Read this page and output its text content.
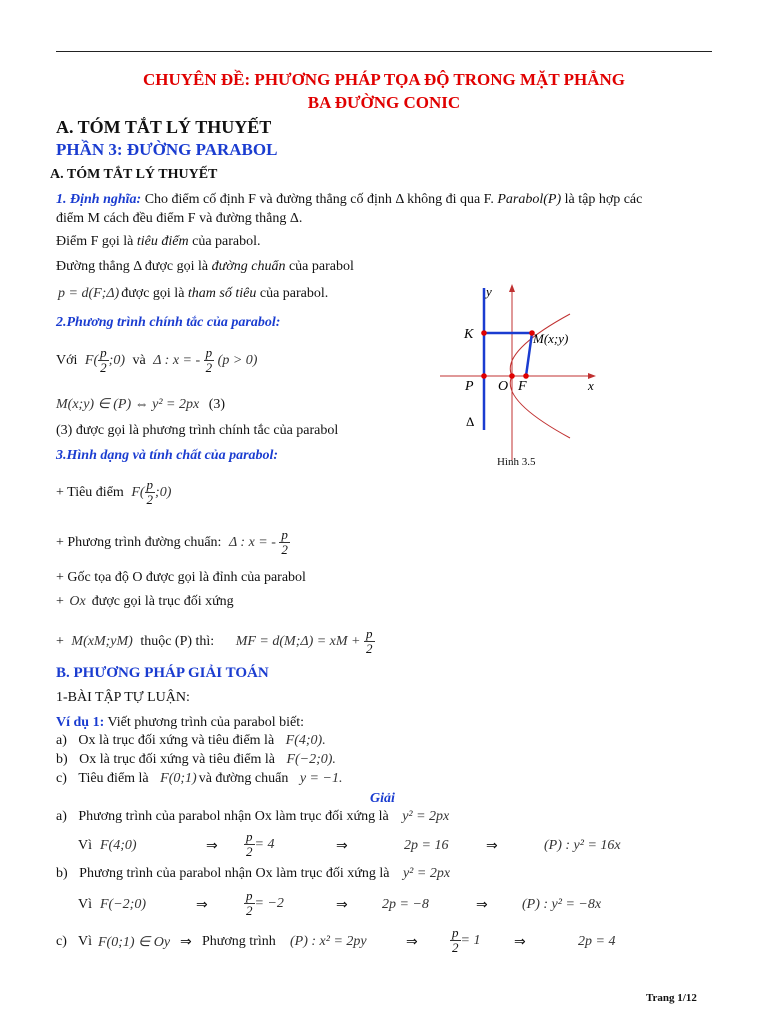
CHUYÊN ĐỀ: PHƯƠNG PHÁP TỌA ĐỘ TRONG MẶT PHẲNG
BA ĐƯỜNG CONIC
A. TÓM TẮT LÝ THUYẾT
PHẦN 3: ĐƯỜNG PARABOL
A. TÓM TẮT LÝ THUYẾT
1. Định nghĩa: Cho điểm cố định F và đường thẳng cố định Δ không đi qua F. Parabol(P) là tập hợp các
điểm M cách đều điểm F và đường thẳng Δ.
Điểm F gọi là tiêu điểm của parabol.
Đường thẳng Δ được gọi là đường chuẩn của parabol
p = d(F;Δ) được gọi là tham số tiêu của parabol.
2.Phương trình chính tắc của parabol:
Với $F( \frac{p}{2}$ ;0) và Δ : x = - $\frac{p}{2} (p > 0)$
M(x;y) ∈ (P) ⇔ y² = 2px (3)
(3) được gọi là phương trình chính tắc của parabol
3.Hình dạng và tính chất của parabol:
+ Tiêu điểm $F( \frac{p}{2}$ ;0)
+ Phương trình đường chuẩn: Δ : x = - $\frac{p}{2}$
+ Gốc tọa độ O được gọi là đỉnh của parabol
+ Ox được gọi là trục đối xứng
+ M(xM;yM) thuộc (P) thì: MF = d(M;Δ) = xM + $\frac{p}{2}$
y
x
K	M(x;y)
P O F
Δ
Hình 3.5
B. PHƯƠNG PHÁP GIẢI TOÁN
1-BÀI TẬP TỰ LUẬN:
Ví dụ 1: Viết phương trình của parabol biết:
a) Ox là trục đối xứng và tiêu điểm là F(4;0).
b) Ox là trục đối xứng và tiêu điểm là F(−2;0).
c) Tiêu điểm là F(0;1) và đường chuẩn y = −1.
Giải
a) Phương trình của parabol nhận Ox làm trục đối xứng là y² = 2px
Vì F(4;0)	⇒ $\frac{p}{2} = 4$	⇒	2p = 16	⇒	(P) : y² = 16x
b) Phương trình của parabol nhận Ox làm trục đối xứng là y² = 2px
Vì F(−2;0)	⇒	$\frac{p}{2} = -2$	⇒ 2p = −8	⇒ (P) : y² = −8x
c) Vì F(0;1) ∈ Oy ⇒ Phương trình (P) : x² = 2py	⇒ $\frac{p}{2} = 1$ ⇒	2p = 4
Trang 1/12
